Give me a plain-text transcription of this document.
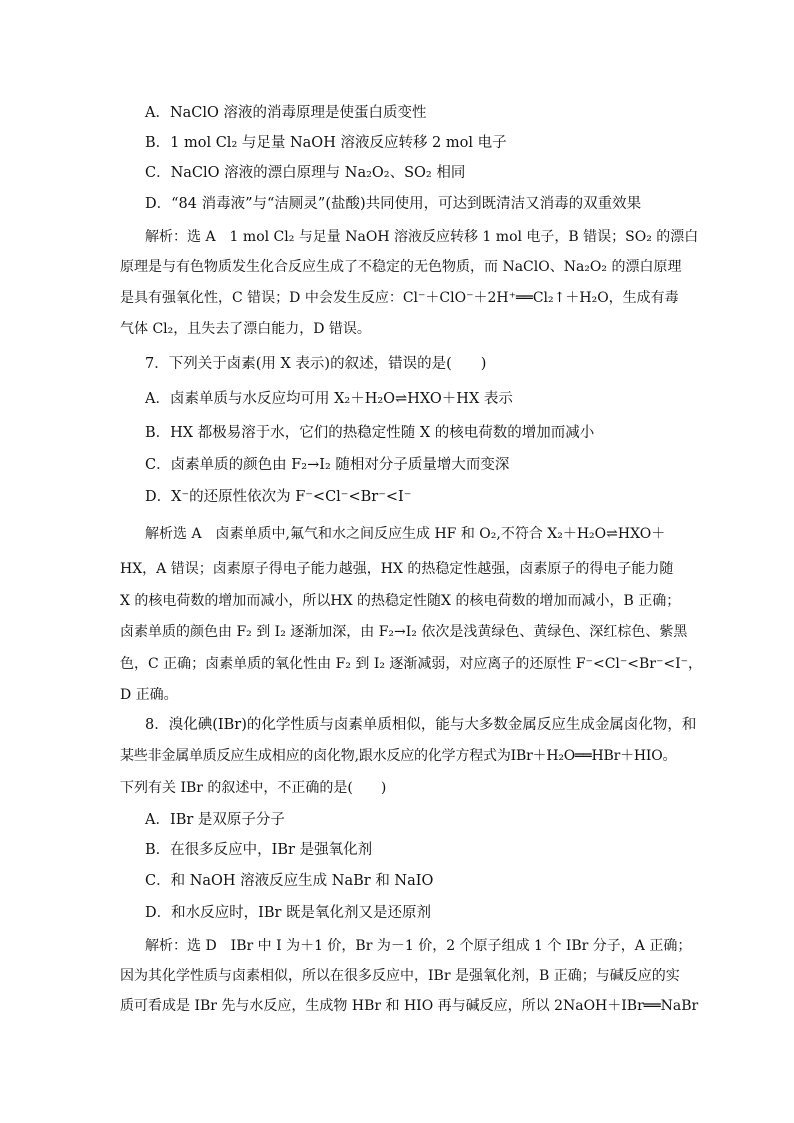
A．NaClO 溶液的消毒原理是使蛋白质变性
B．1 mol Cl₂ 与足量 NaOH 溶液反应转移 2 mol 电子
C．NaClO 溶液的漂白原理与 Na₂O₂、SO₂ 相同
D．“84 消毒液”与“洁厕灵”(盐酸)共同使用，可达到既清洁又消毒的双重效果
解析：选 A　1 mol Cl₂ 与足量 NaOH 溶液反应转移 1 mol 电子，B 错误；SO₂ 的漂白
原理是与有色物质发生化合反应生成了不稳定的无色物质，而 NaClO、Na₂O₂ 的漂白原理
是具有强氧化性，C 错误；D 中会发生反应：Cl⁻＋ClO⁻＋2H⁺══Cl₂↑＋H₂O，生成有毒
气体 Cl₂，且失去了漂白能力，D 错误。
7．下列关于卤素(用 X 表示)的叙述，错误的是(　　)
A．卤素单质与水反应均可用 X₂＋H₂O⇌HXO＋HX 表示
B．HX 都极易溶于水，它们的热稳定性随 X 的核电荷数的增加而减小
C．卤素单质的颜色由 F₂→I₂ 随相对分子质量增大而变深
D．X⁻的还原性依次为 F⁻<Cl⁻<Br⁻<I⁻
解析选 A　卤素单质中,氟气和水之间反应生成 HF 和 O₂,不符合 X₂＋H₂O⇌HXO＋
HX，A 错误；卤素原子得电子能力越强，HX 的热稳定性越强，卤素原子的得电子能力随
X 的核电荷数的增加而减小，所以HX 的热稳定性随X 的核电荷数的增加而减小，B 正确；
卤素单质的颜色由 F₂ 到 I₂ 逐渐加深，由 F₂→I₂ 依次是浅黄绿色、黄绿色、深红棕色、紫黑
色，C 正确；卤素单质的氧化性由 F₂ 到 I₂ 逐渐减弱，对应离子的还原性 F⁻<Cl⁻<Br⁻<I⁻，
D 正确。
8．溴化碘(IBr)的化学性质与卤素单质相似，能与大多数金属反应生成金属卤化物，和
某些非金属单质反应生成相应的卤化物,跟水反应的化学方程式为IBr＋H₂O══HBr＋HIO。
下列有关 IBr 的叙述中，不正确的是(　　)
A．IBr 是双原子分子
B．在很多反应中，IBr 是强氧化剂
C．和 NaOH 溶液反应生成 NaBr 和 NaIO
D．和水反应时，IBr 既是氧化剂又是还原剂
解析：选 D　IBr 中 I 为＋1 价，Br 为－1 价，2 个原子组成 1 个 IBr 分子，A 正确；
因为其化学性质与卤素相似，所以在很多反应中，IBr 是强氧化剂，B 正确；与碱反应的实
质可看成是 IBr 先与水反应，生成物 HBr 和 HIO 再与碱反应，所以 2NaOH＋IBr══NaBr
